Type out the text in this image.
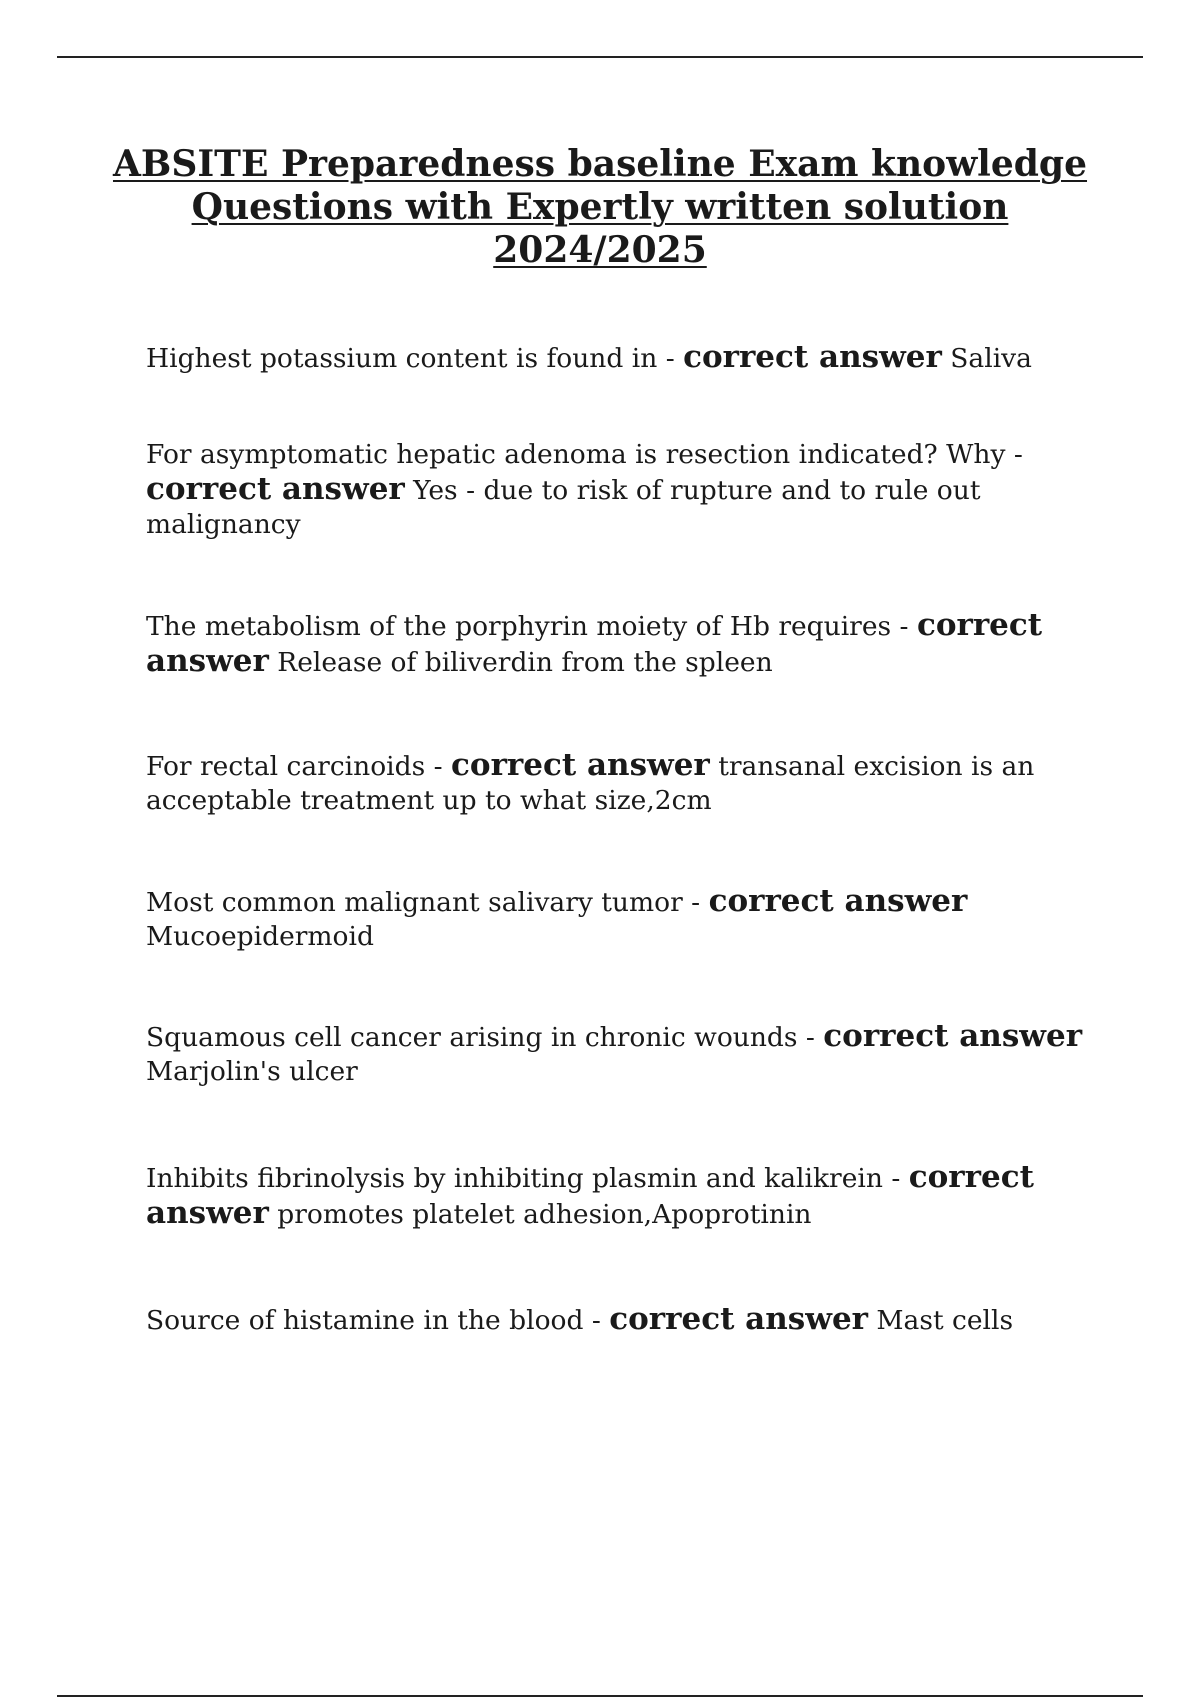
ABSITE Preparedness baseline Exam knowledge Questions with Expertly written solution 2024/2025

Highest potassium content is found in - correct answer Saliva

For asymptomatic hepatic adenoma is resection indicated? Why - correct answer Yes - due to risk of rupture and to rule out malignancy

The metabolism of the porphyrin moiety of Hb requires - correct answer Release of biliverdin from the spleen

For rectal carcinoids - correct answer transanal excision is an acceptable treatment up to what size,2cm

Most common malignant salivary tumor - correct answer Mucoepidermoid

Squamous cell cancer arising in chronic wounds - correct answer Marjolin's ulcer

Inhibits fibrinolysis by inhibiting plasmin and kalikrein - correct answer promotes platelet adhesion,Apoprotinin

Source of histamine in the blood - correct answer Mast cells
